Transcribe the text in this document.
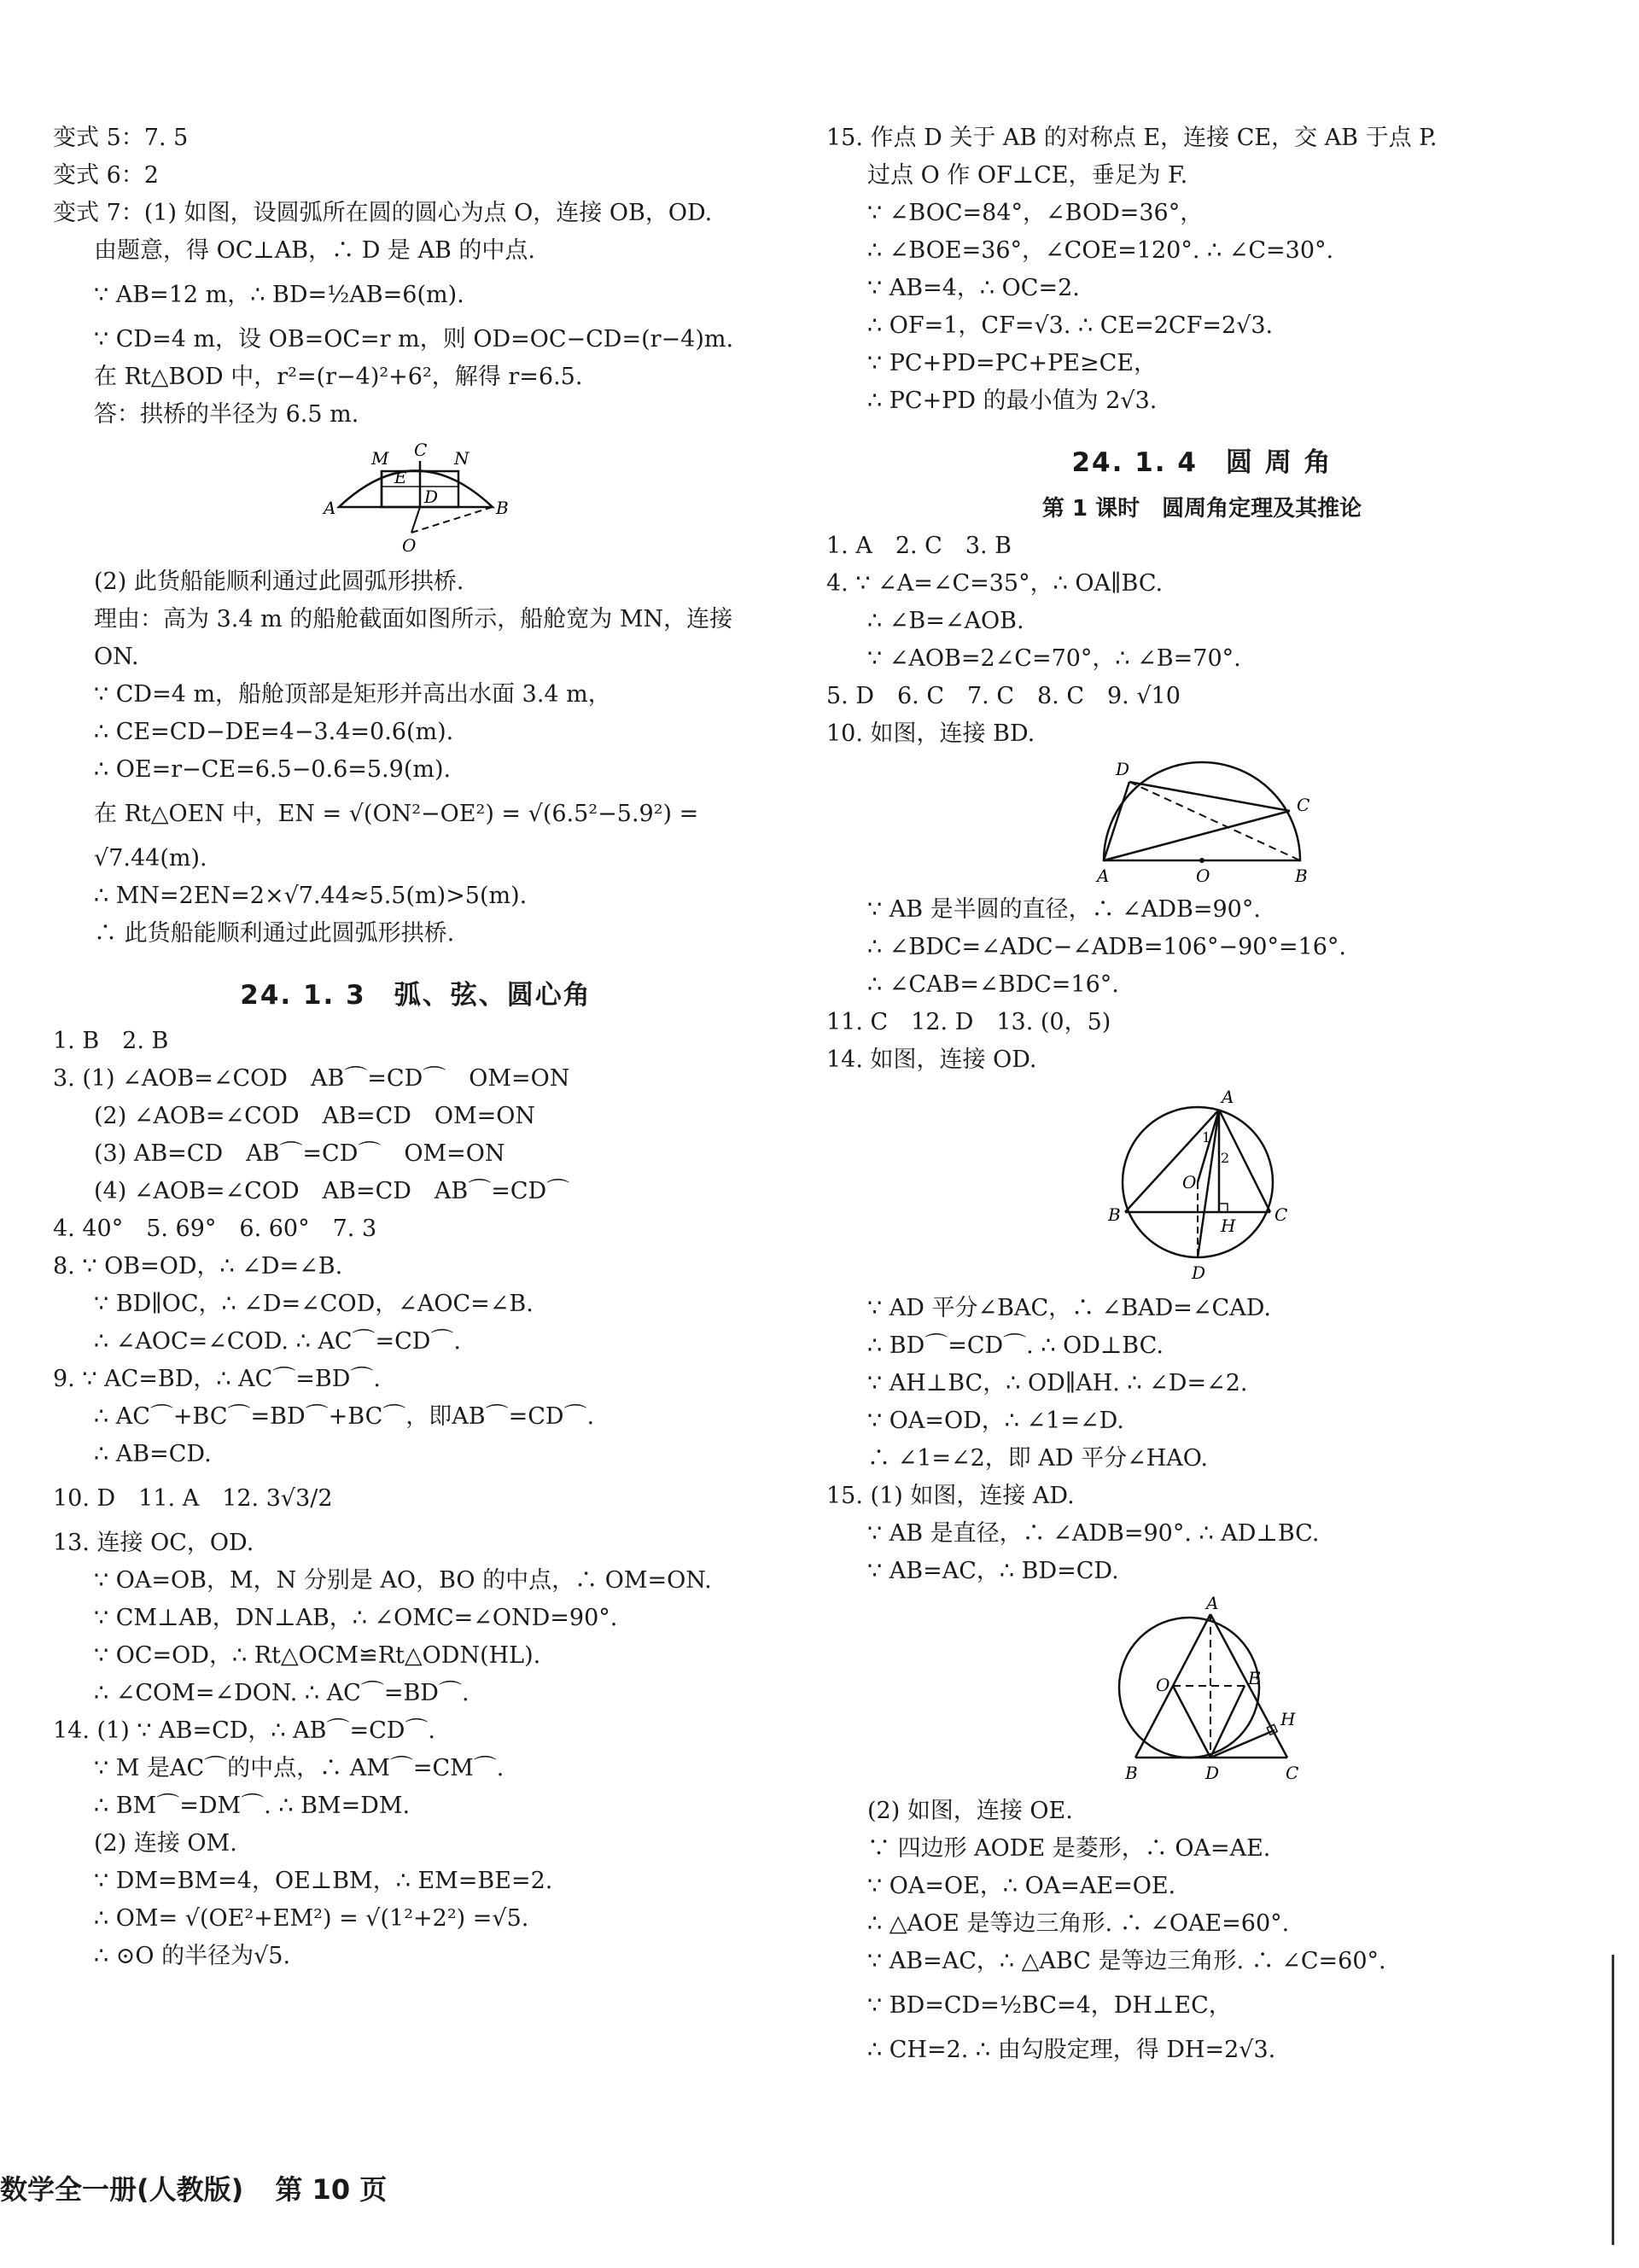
变式 5：7. 5
变式 6：2
变式 7：(1) 如图，设圆弧所在圆的圆心为点 O，连接 OB，OD.
由题意，得 OC⊥AB，∴ D 是 AB 的中点.
∵ AB=12 m，∴ BD=½AB=6(m).
∵ CD=4 m，设 OB=OC=r m，则 OD=OC−CD=(r−4)m.
在 Rt△BOD 中，r²=(r−4)²+6²，解得 r=6.5.
答：拱桥的半径为 6.5 m.
M C N
E
D
A	B
O
(2) 此货船能顺利通过此圆弧形拱桥.
理由：高为 3.4 m 的船舱截面如图所示，船舱宽为 MN，连接
ON.
∵ CD=4 m，船舱顶部是矩形并高出水面 3.4 m，
∴ CE=CD−DE=4−3.4=0.6(m).
∴ OE=r−CE=6.5−0.6=5.9(m).
在 Rt△OEN 中，EN = √(ON²−OE²) = √(6.5²−5.9²) =
√7.44(m).
∴ MN=2EN=2×√7.44≈5.5(m)>5(m).
∴ 此货船能顺利通过此圆弧形拱桥.
24. 1. 3　弧、弦、圆心角
1. B　2. B
3. (1) ∠AOB=∠COD　AB⌒=CD⌒　OM=ON
(2) ∠AOB=∠COD　AB=CD　OM=ON
(3) AB=CD　AB⌒=CD⌒　OM=ON
(4) ∠AOB=∠COD　AB=CD　AB⌒=CD⌒
4. 40°　5. 69°　6. 60°　7. 3
8. ∵ OB=OD，∴ ∠D=∠B.
∵ BD∥OC，∴ ∠D=∠COD，∠AOC=∠B.
∴ ∠AOC=∠COD. ∴ AC⌒=CD⌒.
9. ∵ AC=BD，∴ AC⌒=BD⌒.
∴ AC⌒+BC⌒=BD⌒+BC⌒，即AB⌒=CD⌒.
∴ AB=CD.
10. D　11. A　12. 3√3/2
13. 连接 OC，OD.
∵ OA=OB，M，N 分别是 AO，BO 的中点，∴ OM=ON.
∵ CM⊥AB，DN⊥AB，∴ ∠OMC=∠OND=90°.
∵ OC=OD，∴ Rt△OCM≌Rt△ODN(HL).
∴ ∠COM=∠DON. ∴ AC⌒=BD⌒.
14. (1) ∵ AB=CD，∴ AB⌒=CD⌒.
∵ M 是AC⌒的中点，∴ AM⌒=CM⌒.
∴ BM⌒=DM⌒. ∴ BM=DM.
(2) 连接 OM.
∵ DM=BM=4，OE⊥BM，∴ EM=BE=2.
∴ OM= √(OE²+EM²) = √(1²+2²) =√5.
∴ ⊙O 的半径为√5.
15. 作点 D 关于 AB 的对称点 E，连接 CE，交 AB 于点 P.
过点 O 作 OF⊥CE，垂足为 F.
∵ ∠BOC=84°，∠BOD=36°，
∴ ∠BOE=36°，∠COE=120°. ∴ ∠C=30°.
∵ AB=4，∴ OC=2.
∴ OF=1，CF=√3. ∴ CE=2CF=2√3.
∵ PC+PD=PC+PE≥CE，
∴ PC+PD 的最小值为 2√3.
24. 1. 4　圆 周 角
第 1 课时　圆周角定理及其推论
1. A　2. C　3. B
4. ∵ ∠A=∠C=35°，∴ OA∥BC.
∴ ∠B=∠AOB.
∵ ∠AOB=2∠C=70°，∴ ∠B=70°.
5. D　6. C　7. C　8. C　9. √10
10. 如图，连接 BD.
D
C
A	O	B
∵ AB 是半圆的直径，∴ ∠ADB=90°.
∴ ∠BDC=∠ADC−∠ADB=106°−90°=16°.
∴ ∠CAB=∠BDC=16°.
11. C　12. D　13. (0，5)
14. 如图，连接 OD.
A
1
2
O
B
H
C
D
∵ AD 平分∠BAC，∴ ∠BAD=∠CAD.
∴ BD⌒=CD⌒. ∴ OD⊥BC.
∵ AH⊥BC，∴ OD∥AH. ∴ ∠D=∠2.
∵ OA=OD，∴ ∠1=∠D.
∴ ∠1=∠2，即 AD 平分∠HAO.
15. (1) 如图，连接 AD.
∵ AB 是直径，∴ ∠ADB=90°. ∴ AD⊥BC.
∵ AB=AC，∴ BD=CD.
A
O	E
H
B	D	C
(2) 如图，连接 OE.
∵ 四边形 AODE 是菱形，∴ OA=AE.
∵ OA=OE，∴ OA=AE=OE.
∴ △AOE 是等边三角形. ∴ ∠OAE=60°.
∵ AB=AC，∴ △ABC 是等边三角形. ∴ ∠C=60°.
∵ BD=CD=½BC=4，DH⊥EC，
∴ CH=2. ∴ 由勾股定理，得 DH=2√3.
数学全一册(人教版) 第 10 页
